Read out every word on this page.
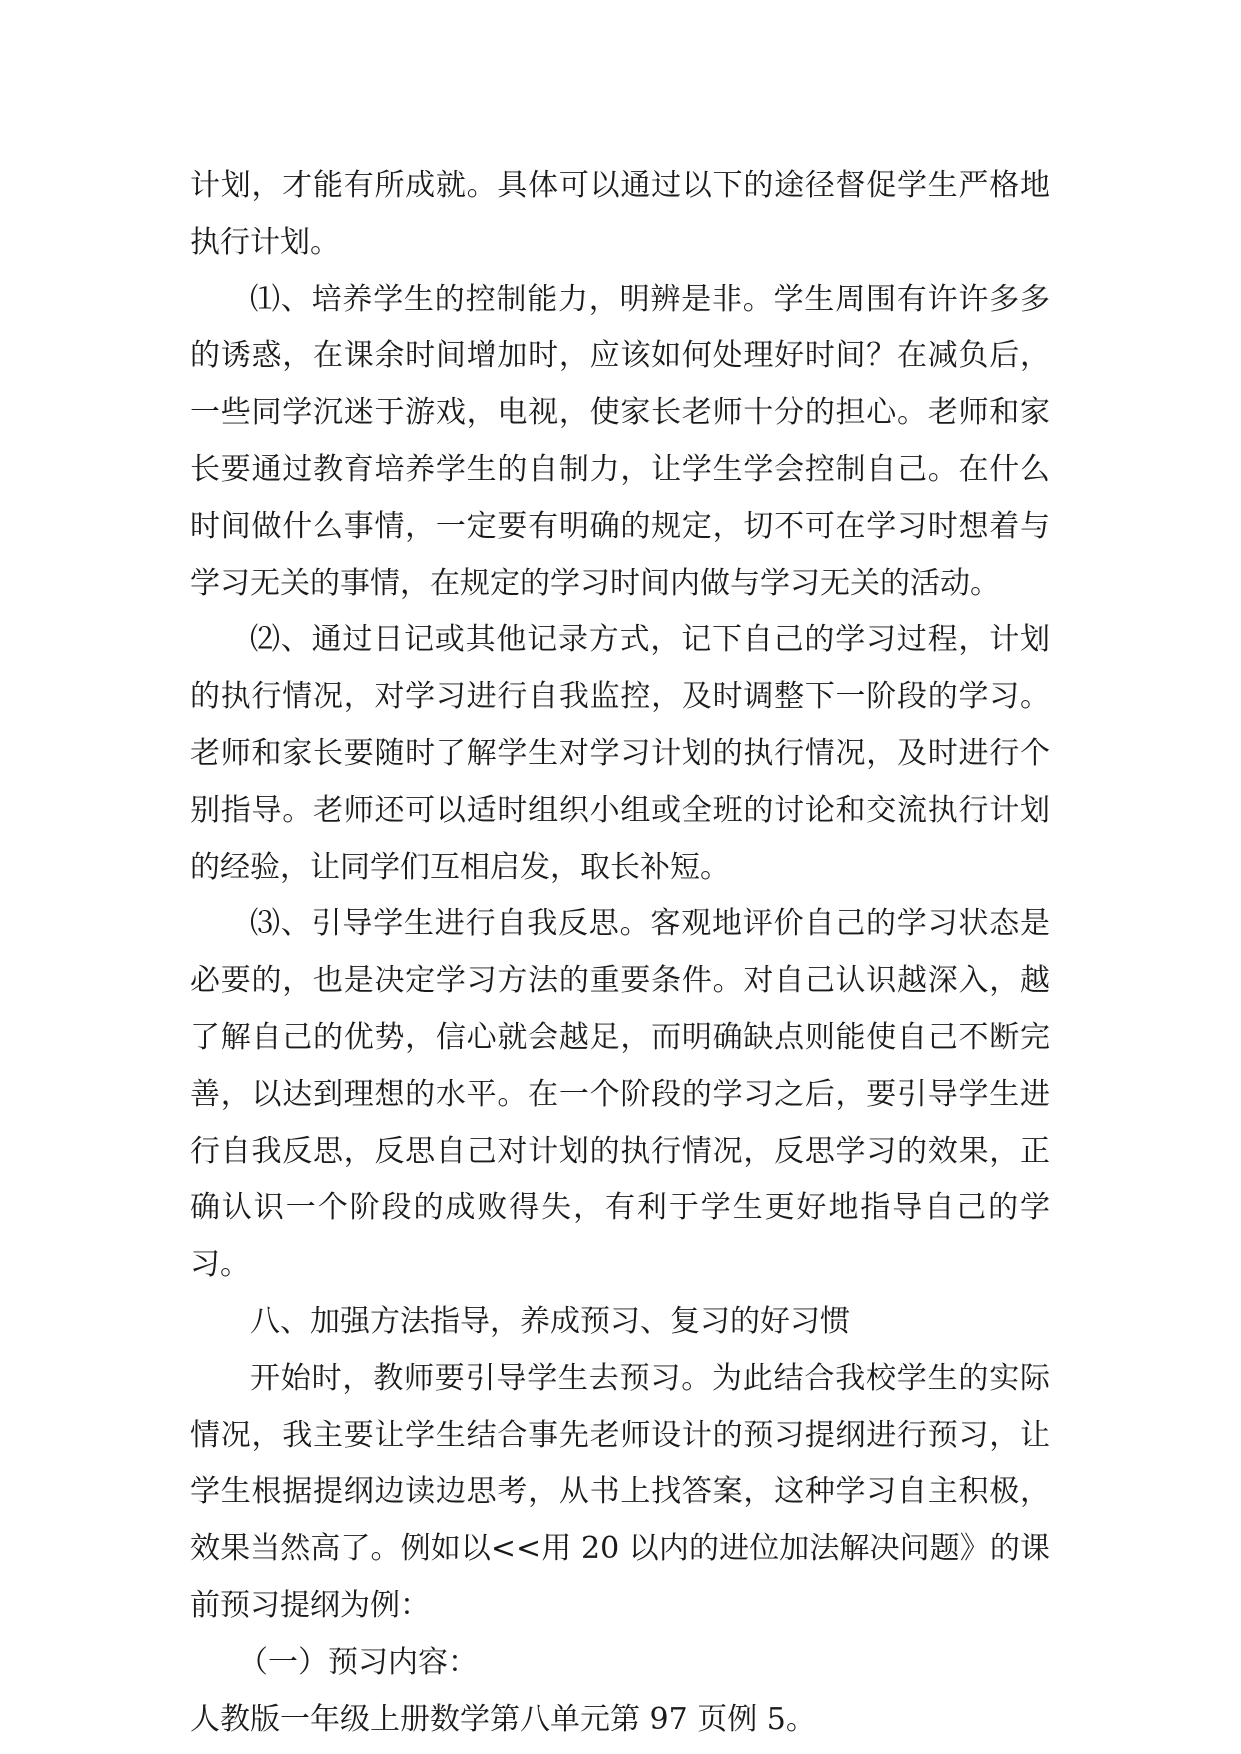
计划，才能有所成就。具体可以通过以下的途径督促学生严格地执行计划。

⑴、培养学生的控制能力，明辨是非。学生周围有许许多多的诱惑，在课余时间增加时，应该如何处理好时间？在减负后，一些同学沉迷于游戏，电视，使家长老师十分的担心。老师和家长要通过教育培养学生的自制力，让学生学会控制自己。在什么时间做什么事情，一定要有明确的规定，切不可在学习时想着与学习无关的事情，在规定的学习时间内做与学习无关的活动。

⑵、通过日记或其他记录方式，记下自己的学习过程，计划的执行情况，对学习进行自我监控，及时调整下一阶段的学习。老师和家长要随时了解学生对学习计划的执行情况，及时进行个别指导。老师还可以适时组织小组或全班的讨论和交流执行计划的经验，让同学们互相启发，取长补短。

⑶、引导学生进行自我反思。客观地评价自己的学习状态是必要的，也是决定学习方法的重要条件。对自己认识越深入，越了解自己的优势，信心就会越足，而明确缺点则能使自己不断完善，以达到理想的水平。在一个阶段的学习之后，要引导学生进行自我反思，反思自己对计划的执行情况，反思学习的效果，正确认识一个阶段的成败得失，有利于学生更好地指导自己的学习。

八、加强方法指导，养成预习、复习的好习惯

开始时，教师要引导学生去预习。为此结合我校学生的实际情况，我主要让学生结合事先老师设计的预习提纲进行预习，让学生根据提纲边读边思考，从书上找答案，这种学习自主积极，效果当然高了。例如以<<用 20 以内的进位加法解决问题》的课前预习提纲为例：

（一）预习内容：

人教版一年级上册数学第八单元第 97 页例 5。
